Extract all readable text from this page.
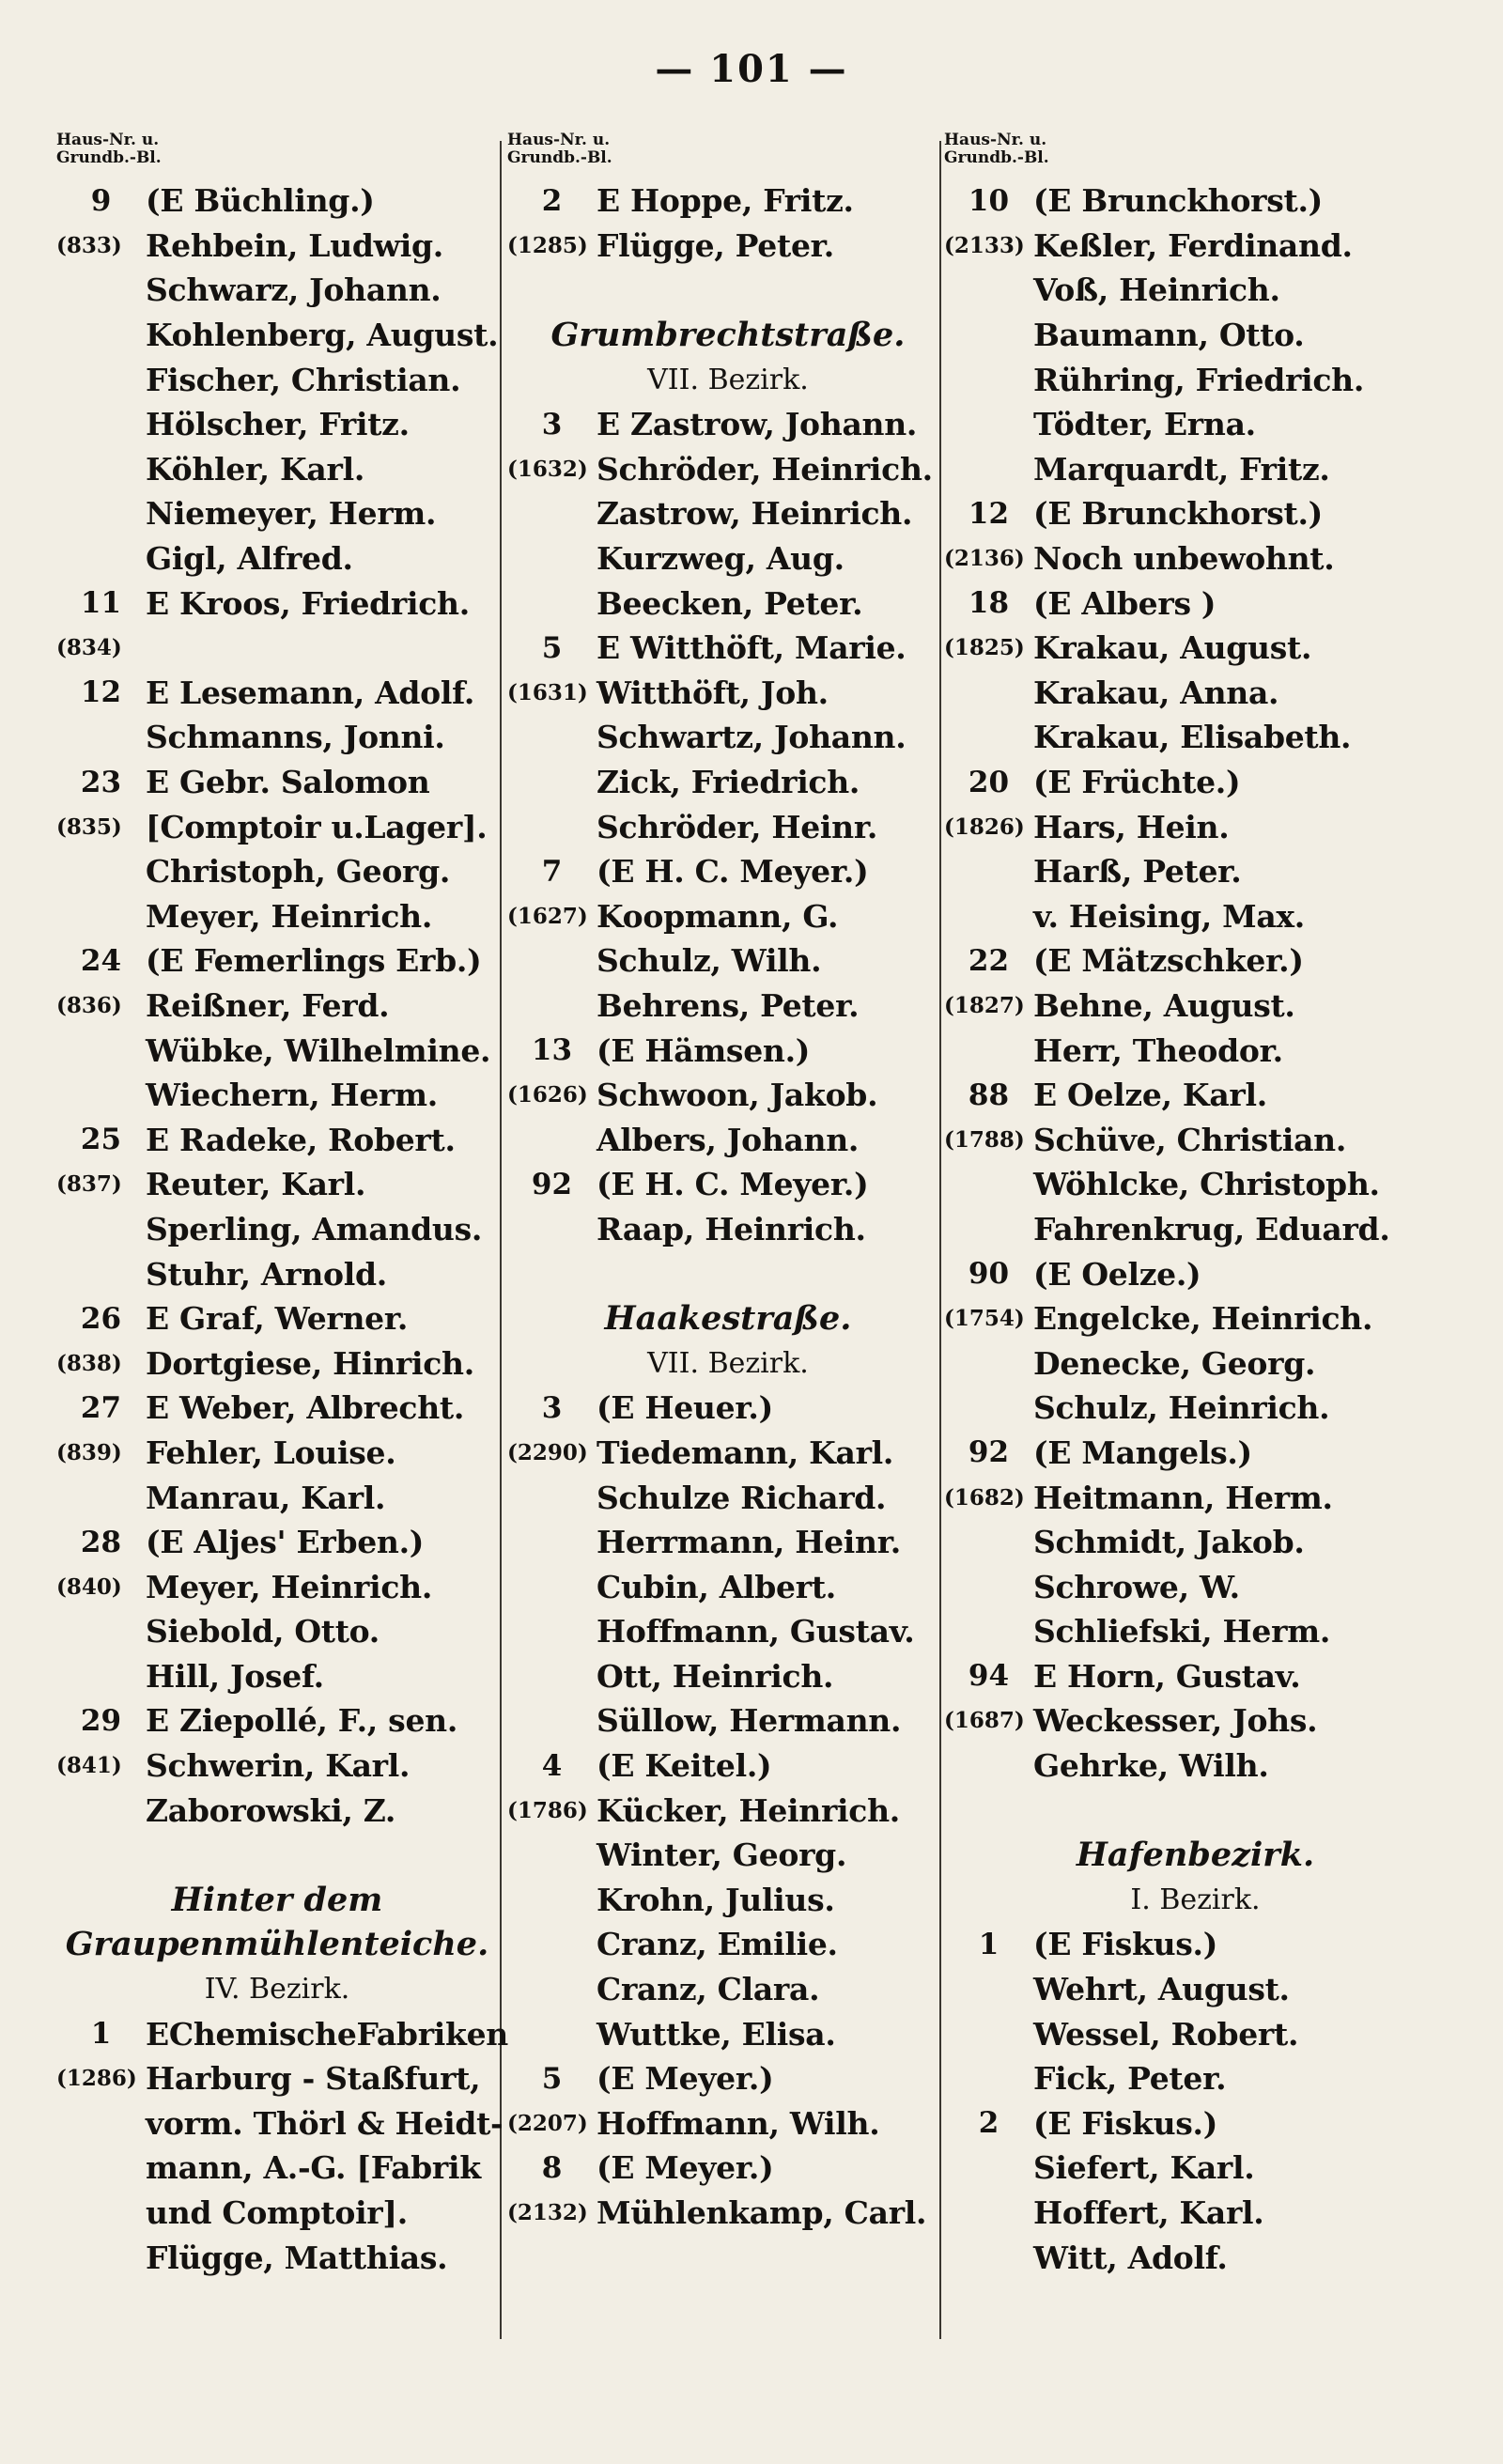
— 101 —
Haus-Nr. u.
Grundb.-Bl.
9	(E Büchling.)
(833) Rehbein, Ludwig.
Schwarz, Johann.
Kohlenberg, August.
Fischer, Christian.
Hölscher, Fritz.
Köhler, Karl.
Niemeyer, Herm.
Gigl, Alfred.
11 E Kroos, Friedrich.
(834)
12 E Lesemann, Adolf.
Schmanns, Jonni.
23 E Gebr. Salomon
(835) [Comptoir u.Lager].
Christoph, Georg.
Meyer, Heinrich.
24 (E Femerlings Erb.)
(836) Reißner, Ferd.
Wübke, Wilhelmine.
Wiechern, Herm.
25 E Radeke, Robert.
(837) Reuter, Karl.
Sperling, Amandus.
Stuhr, Arnold.
26 E Graf, Werner.
(838) Dortgiese, Hinrich.
27 E Weber, Albrecht.
(839) Fehler, Louise.
Manrau, Karl.
28 (E Aljes' Erben.)
(840) Meyer, Heinrich.
Siebold, Otto.
Hill, Josef.
29 E Ziepollé, F., sen.
(841) Schwerin, Karl.
Zaborowski, Z.
Hinter dem
Graupenmühlenteiche.
IV. Bezirk.
1	EChemischeFabriken
(1286) Harburg - Staßfurt,
vorm. Thörl & Heidt-
mann, A.-G. [Fabrik
und Comptoir].
Flügge, Matthias.
Haus-Nr. u.
Grundb.-Bl.
2	E Hoppe, Fritz.
(1285) Flügge, Peter.
Grumbrechtstraße.
VII. Bezirk.
3	E Zastrow, Johann.
(1632) Schröder, Heinrich.
Zastrow, Heinrich.
Kurzweg, Aug.
Beecken, Peter.
5	E Witthöft, Marie.
(1631) Witthöft, Joh.
Schwartz, Johann.
Zick, Friedrich.
Schröder, Heinr.
7	(E H. C. Meyer.)
(1627) Koopmann, G.
Schulz, Wilh.
Behrens, Peter.
13 (E Hämsen.)
(1626) Schwoon, Jakob.
Albers, Johann.
92 (E H. C. Meyer.)
Raap, Heinrich.
Haakestraße.
VII. Bezirk.
3	(E Heuer.)
(2290) Tiedemann, Karl.
Schulze Richard.
Herrmann, Heinr.
Cubin, Albert.
Hoffmann, Gustav.
Ott, Heinrich.
Süllow, Hermann.
4	(E Keitel.)
(1786) Kücker, Heinrich.
Winter, Georg.
Krohn, Julius.
Cranz, Emilie.
Cranz, Clara.
Wuttke, Elisa.
5	(E Meyer.)
(2207) Hoffmann, Wilh.
8	(E Meyer.)
(2132) Mühlenkamp, Carl.
Haus-Nr. u.
Grundb.-Bl.
10 (E Brunckhorst.)
(2133) Keßler, Ferdinand.
Voß, Heinrich.
Baumann, Otto.
Rühring, Friedrich.
Tödter, Erna.
Marquardt, Fritz.
12 (E Brunckhorst.)
(2136) Noch unbewohnt.
18 (E Albers )
(1825) Krakau, August.
Krakau, Anna.
Krakau, Elisabeth.
20 (E Früchte.)
(1826) Hars, Hein.
Harß, Peter.
v. Heising, Max.
22 (E Mätzschker.)
(1827) Behne, August.
Herr, Theodor.
88 E Oelze, Karl.
(1788) Schüve, Christian.
Wöhlcke, Christoph.
Fahrenkrug, Eduard.
90 (E Oelze.)
(1754) Engelcke, Heinrich.
Denecke, Georg.
Schulz, Heinrich.
92 (E Mangels.)
(1682) Heitmann, Herm.
Schmidt, Jakob.
Schrowe, W.
Schliefski, Herm.
94 E Horn, Gustav.
(1687) Weckesser, Johs.
Gehrke, Wilh.
Hafenbezirk.
I. Bezirk.
1	(E Fiskus.)
Wehrt, August.
Wessel, Robert.
Fick, Peter.
2	(E Fiskus.)
Siefert, Karl.
Hoffert, Karl.
Witt, Adolf.
